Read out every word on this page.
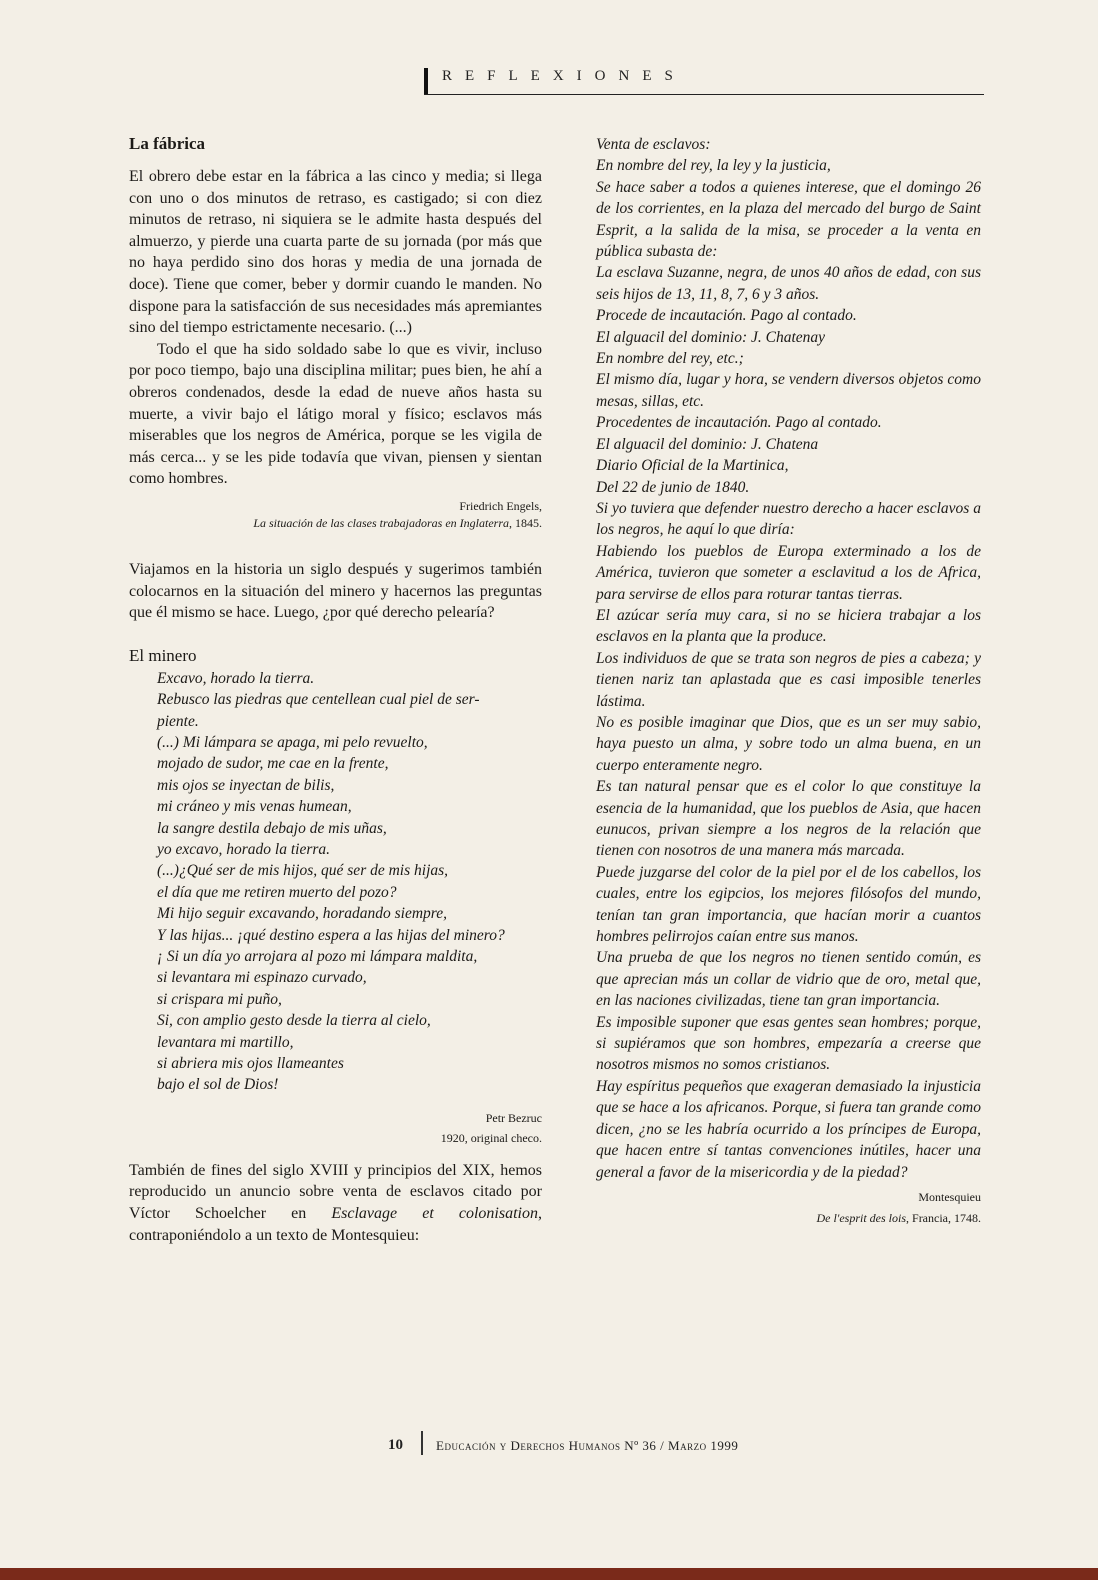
REFLEXIONES
La fábrica

El obrero debe estar en la fábrica a las cinco y media; si llega con uno o dos minutos de retraso, es castigado; si con diez minutos de retraso, ni siquiera se le admite hasta después del almuerzo, y pierde una cuarta parte de su jornada (por más que no haya perdido sino dos horas y media de una jornada de doce). Tiene que comer, beber y dormir cuando le manden. No dispone para la satisfacción de sus necesidades más apremiantes sino del tiempo estrictamente necesario. (...)

Todo el que ha sido soldado sabe lo que es vivir, incluso por poco tiempo, bajo una disciplina militar; pues bien, he ahí a obreros condenados, desde la edad de nueve años hasta su muerte, a vivir bajo el látigo moral y físico; esclavos más miserables que los negros de América, porque se les vigila de más cerca... y se les pide todavía que vivan, piensen y sientan como hombres.

Friedrich Engels,

La situación de las clases trabajadoras en Inglaterra, 1845.

Viajamos en la historia un siglo después y sugerimos también colocarnos en la situación del minero y hacernos las preguntas que él mismo se hace. Luego, ¿por qué derecho pelearía?

El minero
Excavo, horado la tierra.
Rebusco las piedras que centellean cual piel de ser-
piente.
(...) Mi lámpara se apaga, mi pelo revuelto,
mojado de sudor, me cae en la frente,
mis ojos se inyectan de bilis,
mi cráneo y mis venas humean,
la sangre destila debajo de mis uñas,
yo excavo, horado la tierra.
(...)¿Qué ser de mis hijos, qué ser de mis hijas,
el día que me retiren muerto del pozo?
Mi hijo seguir excavando, horadando siempre,
Y las hijas... ¡qué destino espera a las hijas del minero?
¡ Si un día yo arrojara al pozo mi lámpara maldita,
si levantara mi espinazo curvado,
si crispara mi puño,
Si, con amplio gesto desde la tierra al cielo,
levantara mi martillo,
si abriera mis ojos llameantes
bajo el sol de Dios!

Petr Bezruc

1920, original checo.

También de fines del siglo XVIII y principios del XIX, hemos reproducido un anuncio sobre venta de esclavos citado por Víctor Schoelcher en Esclavage et colonisation, contraponiéndolo a un texto de Montesquieu:

Venta de esclavos:
En nombre del rey, la ley y la justicia,
Se hace saber a todos a quienes interese, que el domingo 26 de los corrientes, en la plaza del mercado del burgo de Saint Esprit, a la salida de la misa, se proceder a la venta en pública subasta de:
La esclava Suzanne, negra, de unos 40 años de edad, con sus seis hijos de 13, 11, 8, 7, 6 y 3 años.
Procede de incautación. Pago al contado.
El alguacil del dominio: J. Chatenay
En nombre del rey, etc.;
El mismo día, lugar y hora, se vendern diversos objetos como mesas, sillas, etc.
Procedentes de incautación. Pago al contado.
El alguacil del dominio: J. Chatena
Diario Oficial de la Martinica,
Del 22 de junio de 1840.
Si yo tuviera que defender nuestro derecho a hacer esclavos a los negros, he aquí lo que diría:
Habiendo los pueblos de Europa exterminado a los de América, tuvieron que someter a esclavitud a los de Africa, para servirse de ellos para roturar tantas tierras.
El azúcar sería muy cara, si no se hiciera trabajar a los esclavos en la planta que la produce.
Los individuos de que se trata son negros de pies a cabeza; y tienen nariz tan aplastada que es casi imposible tenerles lástima.
No es posible imaginar que Dios, que es un ser muy sabio, haya puesto un alma, y sobre todo un alma buena, en un cuerpo enteramente negro.
Es tan natural pensar que es el color lo que constituye la esencia de la humanidad, que los pueblos de Asia, que hacen eunucos, privan siempre a los negros de la relación que tienen con nosotros de una manera más marcada.
Puede juzgarse del color de la piel por el de los cabellos, los cuales, entre los egipcios, los mejores filósofos del mundo, tenían tan gran importancia, que hacían morir a cuantos hombres pelirrojos caían entre sus manos.
Una prueba de que los negros no tienen sentido común, es que aprecian más un collar de vidrio que de oro, metal que, en las naciones civilizadas, tiene tan gran importancia.
Es imposible suponer que esas gentes sean hombres; porque, si supiéramos que son hombres, empezaría a creerse que nosotros mismos no somos cristianos.
Hay espíritus pequeños que exageran demasiado la injusticia que se hace a los africanos. Porque, si fuera tan grande como dicen, ¿no se les habría ocurrido a los príncipes de Europa, que hacen entre sí tantas convenciones inútiles, hacer una general a favor de la misericordia y de la piedad?

Montesquieu

De l'esprit des lois, Francia, 1748.

10	Educación y Derechos Humanos Nº 36 / Marzo 1999
